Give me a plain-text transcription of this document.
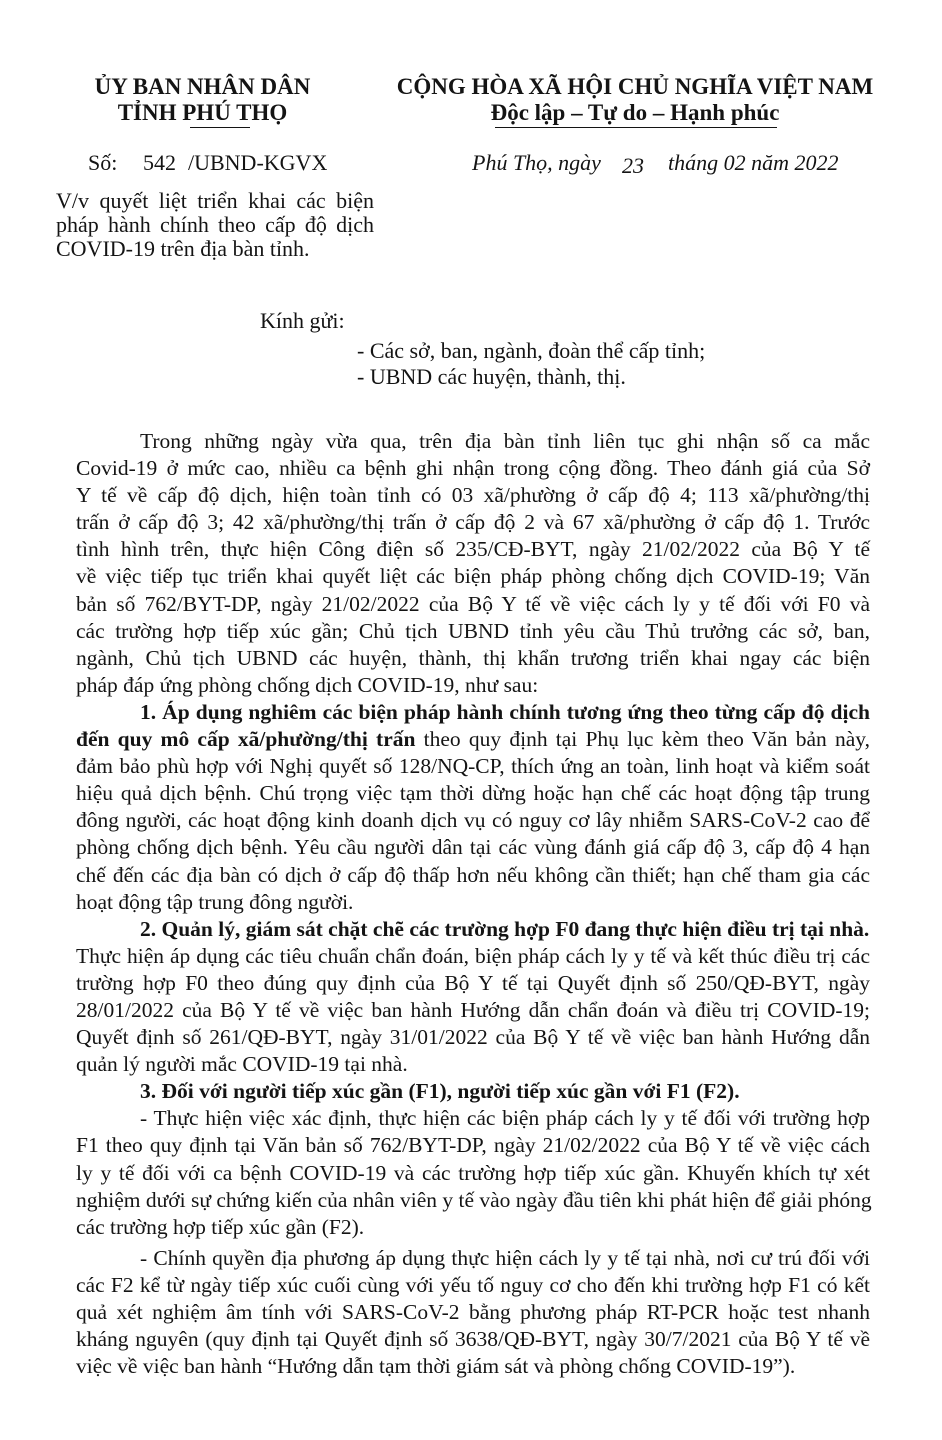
ỦY BAN NHÂN DÂN
TỈNH PHÚ THỌ
CỘNG HÒA XÃ HỘI CHỦ NGHĨA VIỆT NAM
Độc lập – Tự do – Hạnh phúc
Số: 542 /UBND-KGVX	Phú Thọ, ngày 23 tháng 02 năm 2022
V/v quyết liệt triển khai các biện
pháp hành chính theo cấp độ dịch
COVID-19 trên địa bàn tỉnh.
Kính gửi:
- Các sở, ban, ngành, đoàn thể cấp tỉnh;
- UBND các huyện, thành, thị.
Trong những ngày vừa qua, trên địa bàn tỉnh liên tục ghi nhận số ca mắc
Covid-19 ở mức cao, nhiều ca bệnh ghi nhận trong cộng đồng. Theo đánh giá của Sở
Y tế về cấp độ dịch, hiện toàn tỉnh có 03 xã/phường ở cấp độ 4; 113 xã/phường/thị
trấn ở cấp độ 3; 42 xã/phường/thị trấn ở cấp độ 2 và 67 xã/phường ở cấp độ 1. Trước
tình hình trên, thực hiện Công điện số 235/CĐ-BYT, ngày 21/02/2022 của Bộ Y tế
về việc tiếp tục triển khai quyết liệt các biện pháp phòng chống dịch COVID-19; Văn
bản số 762/BYT-DP, ngày 21/02/2022 của Bộ Y tế về việc cách ly y tế đối với F0 và
các trường hợp tiếp xúc gần; Chủ tịch UBND tỉnh yêu cầu Thủ trưởng các sở, ban,
ngành, Chủ tịch UBND các huyện, thành, thị khẩn trương triển khai ngay các biện
pháp đáp ứng phòng chống dịch COVID-19, như sau:
1. Áp dụng nghiêm các biện pháp hành chính tương ứng theo từng cấp độ dịch
đến quy mô cấp xã/phường/thị trấn theo quy định tại Phụ lục kèm theo Văn bản này,
đảm bảo phù hợp với Nghị quyết số 128/NQ-CP, thích ứng an toàn, linh hoạt và kiểm soát
hiệu quả dịch bệnh. Chú trọng việc tạm thời dừng hoặc hạn chế các hoạt động tập trung
đông người, các hoạt động kinh doanh dịch vụ có nguy cơ lây nhiễm SARS-CoV-2 cao để
phòng chống dịch bệnh. Yêu cầu người dân tại các vùng đánh giá cấp độ 3, cấp độ 4 hạn
chế đến các địa bàn có dịch ở cấp độ thấp hơn nếu không cần thiết; hạn chế tham gia các
hoạt động tập trung đông người.
2. Quản lý, giám sát chặt chẽ các trường hợp F0 đang thực hiện điều trị tại nhà.
Thực hiện áp dụng các tiêu chuẩn chẩn đoán, biện pháp cách ly y tế và kết thúc điều trị các
trường hợp F0 theo đúng quy định của Bộ Y tế tại Quyết định số 250/QĐ-BYT, ngày
28/01/2022 của Bộ Y tế về việc ban hành Hướng dẫn chẩn đoán và điều trị COVID-19;
Quyết định số 261/QĐ-BYT, ngày 31/01/2022 của Bộ Y tế về việc ban hành Hướng dẫn
quản lý người mắc COVID-19 tại nhà.
3. Đối với người tiếp xúc gần (F1), người tiếp xúc gần với F1 (F2).
- Thực hiện việc xác định, thực hiện các biện pháp cách ly y tế đối với trường hợp
F1 theo quy định tại Văn bản số 762/BYT-DP, ngày 21/02/2022 của Bộ Y tế về việc cách
ly y tế đối với ca bệnh COVID-19 và các trường hợp tiếp xúc gần. Khuyến khích tự xét
nghiệm dưới sự chứng kiến của nhân viên y tế vào ngày đầu tiên khi phát hiện để giải phóng
các trường hợp tiếp xúc gần (F2).
- Chính quyền địa phương áp dụng thực hiện cách ly y tế tại nhà, nơi cư trú đối với
các F2 kể từ ngày tiếp xúc cuối cùng với yếu tố nguy cơ cho đến khi trường hợp F1 có kết
quả xét nghiệm âm tính với SARS-CoV-2 bằng phương pháp RT-PCR hoặc test nhanh
kháng nguyên (quy định tại Quyết định số 3638/QĐ-BYT, ngày 30/7/2021 của Bộ Y tế về
việc về việc ban hành “Hướng dẫn tạm thời giám sát và phòng chống COVID-19”).
